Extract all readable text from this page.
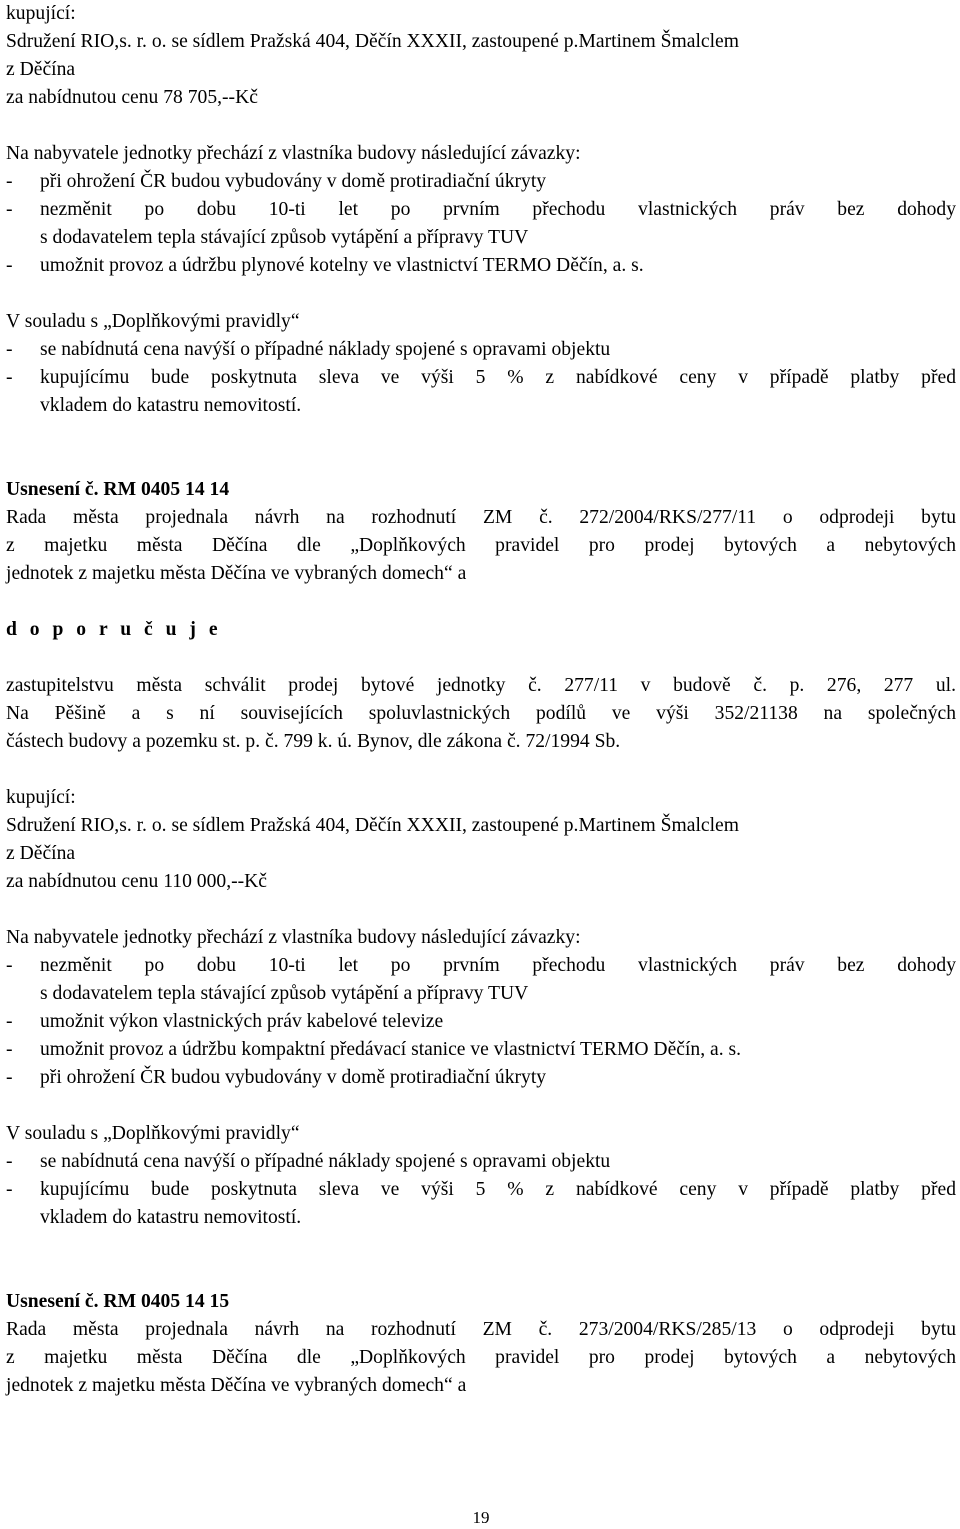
kupující:
Sdružení RIO,s. r. o. se sídlem Pražská 404, Děčín XXXII, zastoupené p.Martinem Šmalclem
z Děčína
za nabídnutou cenu 78 705,--Kč
Na nabyvatele jednotky přechází z vlastníka budovy následující závazky:
- při ohrožení ČR budou vybudovány v domě protiradiační úkryty
- nezměnit po dobu 10-ti let po prvním přechodu vlastnických práv bez dohody
s dodavatelem tepla stávající způsob vytápění a přípravy TUV
- umožnit provoz a údržbu plynové kotelny ve vlastnictví TERMO Děčín, a. s.
V souladu s „Doplňkovými pravidly“
- se nabídnutá cena navýší o případné náklady spojené s opravami objektu
- kupujícímu bude poskytnuta sleva ve výši 5 % z nabídkové ceny v případě platby před
vkladem do katastru nemovitostí.
Usnesení č. RM 0405 14 14
Rada města projednala návrh na rozhodnutí ZM č. 272/2004/RKS/277/11 o odprodeji bytu
z majetku města Děčína dle „Doplňkových pravidel pro prodej bytových a nebytových
jednotek z majetku města Děčína ve vybraných domech“ a
d o p o r u č u j e
zastupitelstvu města schválit prodej bytové jednotky č. 277/11 v budově č. p. 276, 277 ul.
Na Pěšině a s ní souvisejících spoluvlastnických podílů ve výši 352/21138 na společných
částech budovy a pozemku st. p. č. 799 k. ú. Bynov, dle zákona č. 72/1994 Sb.
kupující:
Sdružení RIO,s. r. o. se sídlem Pražská 404, Děčín XXXII, zastoupené p.Martinem Šmalclem
z Děčína
za nabídnutou cenu 110 000,--Kč
Na nabyvatele jednotky přechází z vlastníka budovy následující závazky:
- nezměnit po dobu 10-ti let po prvním přechodu vlastnických práv bez dohody
s dodavatelem tepla stávající způsob vytápění a přípravy TUV
- umožnit výkon vlastnických práv kabelové televize
- umožnit provoz a údržbu kompaktní předávací stanice ve vlastnictví TERMO Děčín, a. s.
- při ohrožení ČR budou vybudovány v domě protiradiační úkryty
V souladu s „Doplňkovými pravidly“
- se nabídnutá cena navýší o případné náklady spojené s opravami objektu
- kupujícímu bude poskytnuta sleva ve výši 5 % z nabídkové ceny v případě platby před
vkladem do katastru nemovitostí.
Usnesení č. RM 0405 14 15
Rada města projednala návrh na rozhodnutí ZM č. 273/2004/RKS/285/13 o odprodeji bytu
z majetku města Děčína dle „Doplňkových pravidel pro prodej bytových a nebytových
jednotek z majetku města Děčína ve vybraných domech“ a
19
